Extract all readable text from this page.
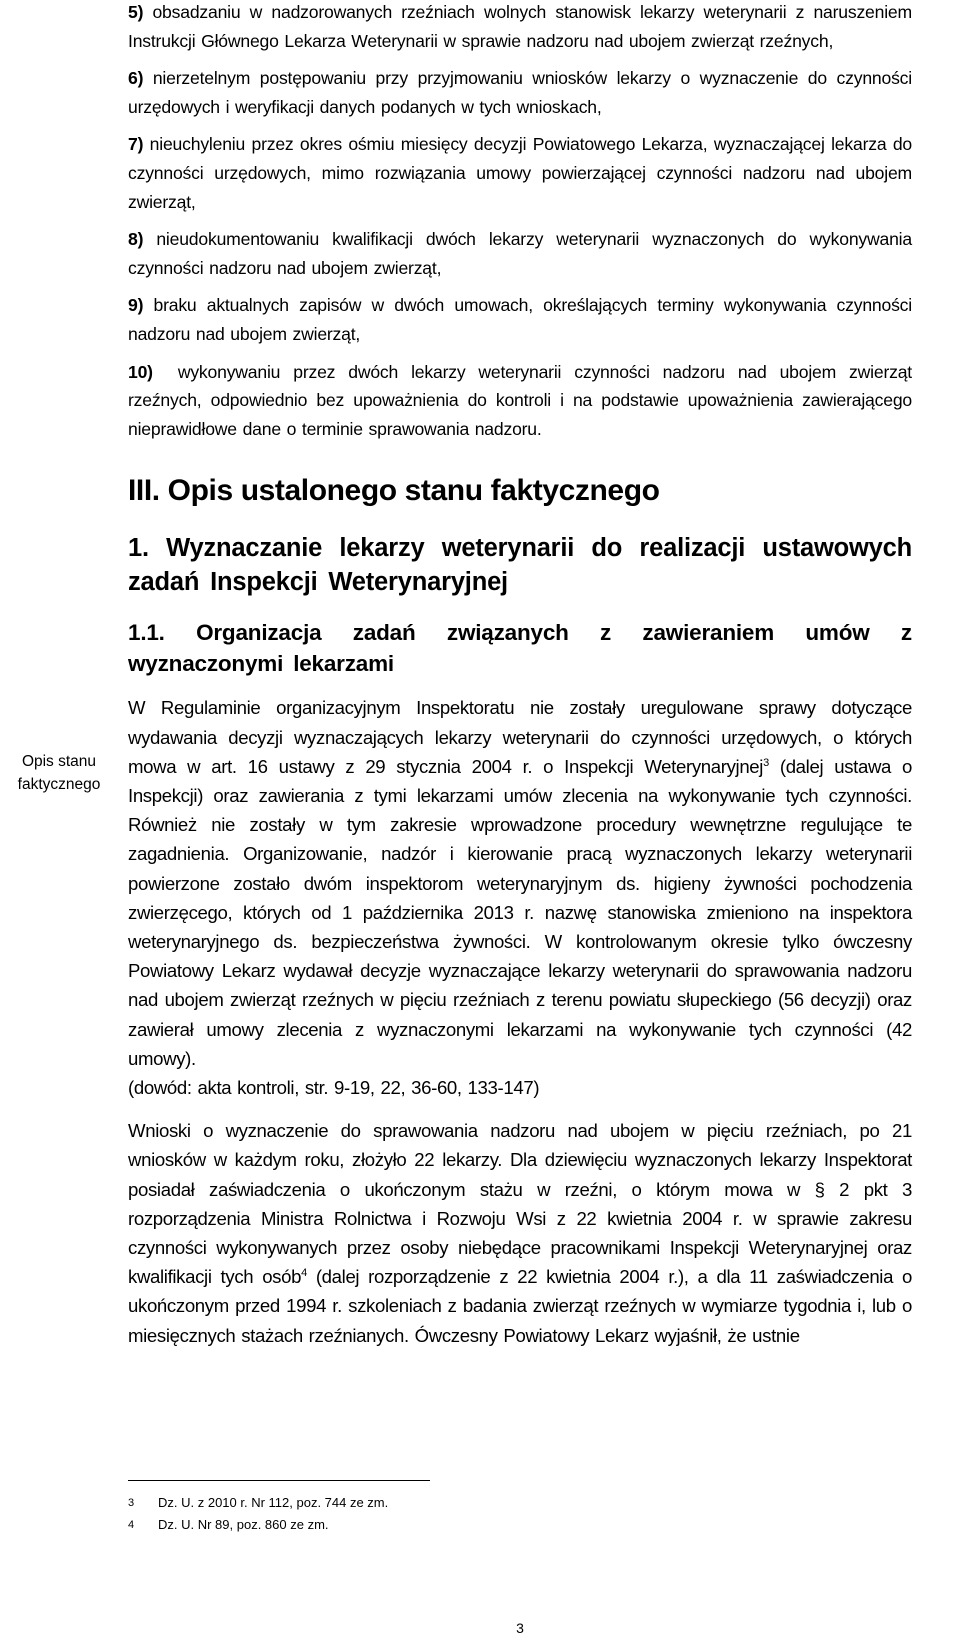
Opis stanu faktycznego

5) obsadzaniu w nadzorowanych rzeźniach wolnych stanowisk lekarzy weterynarii z naruszeniem Instrukcji Głównego Lekarza Weterynarii w sprawie nadzoru nad ubojem zwierząt rzeźnych,

6) nierzetelnym postępowaniu przy przyjmowaniu wniosków lekarzy o wyznaczenie do czynności urzędowych i weryfikacji danych podanych w tych wnioskach,

7) nieuchyleniu przez okres ośmiu miesięcy decyzji Powiatowego Lekarza, wyznaczającej lekarza do czynności urzędowych, mimo rozwiązania umowy powierzającej czynności nadzoru nad ubojem zwierząt,

8) nieudokumentowaniu kwalifikacji dwóch lekarzy weterynarii wyznaczonych do wykonywania czynności nadzoru nad ubojem zwierząt,

9) braku aktualnych zapisów w dwóch umowach, określających terminy wykonywania czynności nadzoru nad ubojem zwierząt,

10) wykonywaniu przez dwóch lekarzy weterynarii czynności nadzoru nad ubojem zwierząt rzeźnych, odpowiednio bez upoważnienia do kontroli i na podstawie upoważnienia zawierającego nieprawidłowe dane o terminie sprawowania nadzoru.

III. Opis ustalonego stanu faktycznego
1. Wyznaczanie lekarzy weterynarii do realizacji ustawowych zadań Inspekcji Weterynaryjnej
1.1. Organizacja zadań związanych z zawieraniem umów z wyznaczonymi lekarzami

W Regulaminie organizacyjnym Inspektoratu nie zostały uregulowane sprawy dotyczące wydawania decyzji wyznaczających lekarzy weterynarii do czynności urzędowych, o których mowa w art. 16 ustawy z 29 stycznia 2004 r. o Inspekcji Weterynaryjnej$^3$ (dalej ustawa o Inspekcji) oraz zawierania z tymi lekarzami umów zlecenia na wykonywanie tych czynności. Również nie zostały w tym zakresie wprowadzone procedury wewnętrzne regulujące te zagadnienia. Organizowanie, nadzór i kierowanie pracą wyznaczonych lekarzy weterynarii powierzone zostało dwóm inspektorom weterynaryjnym ds. higieny żywności pochodzenia zwierzęcego, których od 1 października 2013 r. nazwę stanowiska zmieniono na inspektora weterynaryjnego ds. bezpieczeństwa żywności. W kontrolowanym okresie tylko ówczesny Powiatowy Lekarz wydawał decyzje wyznaczające lekarzy weterynarii do sprawowania nadzoru nad ubojem zwierząt rzeźnych w pięciu rzeźniach z terenu powiatu słupeckiego (56 decyzji) oraz zawierał umowy zlecenia z wyznaczonymi lekarzami na wykonywanie tych czynności (42 umowy).

(dowód: akta kontroli, str. 9-19, 22, 36-60, 133-147)

Wnioski o wyznaczenie do sprawowania nadzoru nad ubojem w pięciu rzeźniach, po 21 wniosków w każdym roku, złożyło 22 lekarzy. Dla dziewięciu wyznaczonych lekarzy Inspektorat posiadał zaświadczenia o ukończonym stażu w rzeźni, o którym mowa w § 2 pkt 3 rozporządzenia Ministra Rolnictwa i Rozwoju Wsi z 22 kwietnia 2004 r. w sprawie zakresu czynności wykonywanych przez osoby niebędące pracownikami Inspekcji Weterynaryjnej oraz kwalifikacji tych osób$^4$ (dalej rozporządzenie z 22 kwietnia 2004 r.), a dla 11 zaświadczenia o ukończonym przed 1994 r. szkoleniach z badania zwierząt rzeźnych w wymiarze tygodnia i, lub o miesięcznych stażach rzeźnianych. Ówczesny Powiatowy Lekarz wyjaśnił, że ustnie

3 Dz. U. z 2010 r. Nr 112, poz. 744 ze zm.
4 Dz. U. Nr 89, poz. 860 ze zm.
3
